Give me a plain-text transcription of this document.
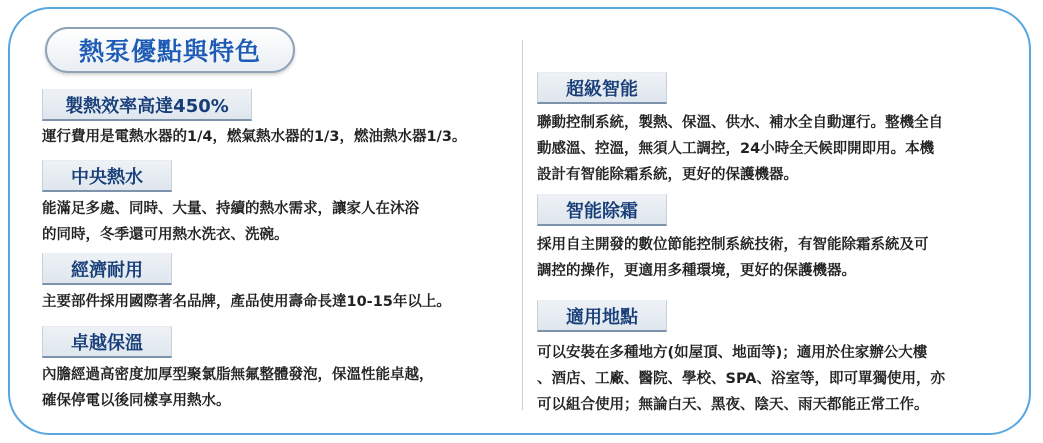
熱泵優點與特色
製熱效率高達450%
運行費用是電熱水器的1/4，燃氣熱水器的1/3，燃油熱水器1/3。
中央熱水
能滿足多處、同時、大量、持續的熱水需求，讓家人在沐浴
的同時，冬季還可用熱水洗衣、洗碗。
經濟耐用
主要部件採用國際著名品牌，產品使用壽命長達10-15年以上。
卓越保溫
內膽經過高密度加厚型聚氯脂無氟整體發泡，保溫性能卓越，
確保停電以後同樣享用熱水。
超級智能
聯動控制系統，製熱、保溫、供水、補水全自動運行。整機全自
動感溫、控溫，無須人工調控，24小時全天候即開即用。本機
設計有智能除霜系統，更好的保護機器。
智能除霜
採用自主開發的數位節能控制系統技術，有智能除霜系統及可
調控的操作，更適用多種環境，更好的保護機器。
適用地點
可以安裝在多種地方(如屋頂、地面等)；適用於住家辦公大樓
、酒店、工廠、醫院、學校、SPA、浴室等，即可單獨使用，亦
可以組合使用；無論白天、黑夜、陰天、雨天都能正常工作。
